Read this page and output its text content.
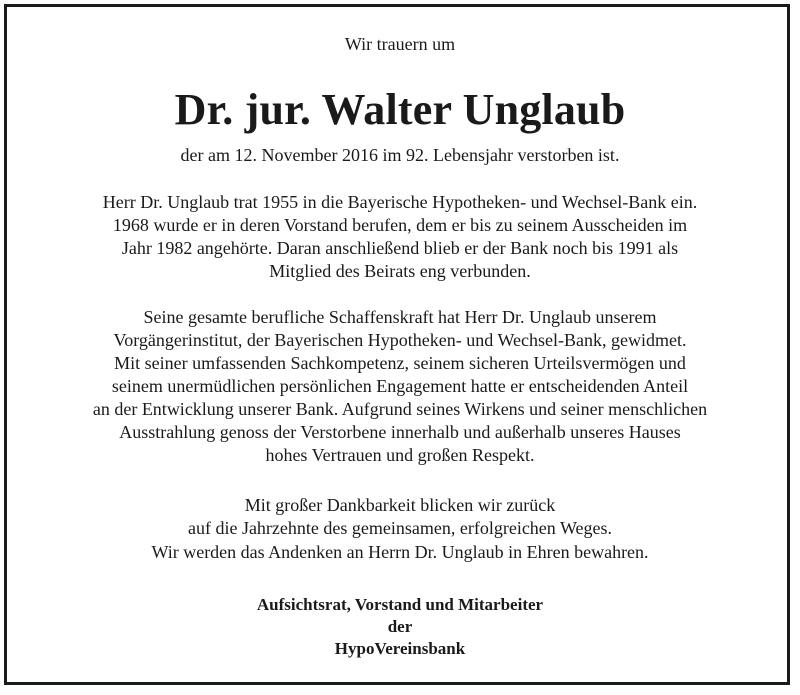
Wir trauern um
Dr. jur. Walter Unglaub
der am 12. November 2016 im 92. Lebensjahr verstorben ist.
Herr Dr. Unglaub trat 1955 in die Bayerische Hypotheken- und Wechsel-Bank ein.
1968 wurde er in deren Vorstand berufen, dem er bis zu seinem Ausscheiden im
Jahr 1982 angehörte. Daran anschließend blieb er der Bank noch bis 1991 als
Mitglied des Beirats eng verbunden.
Seine gesamte berufliche Schaffenskraft hat Herr Dr. Unglaub unserem
Vorgängerinstitut, der Bayerischen Hypotheken- und Wechsel-Bank, gewidmet.
Mit seiner umfassenden Sachkompetenz, seinem sicheren Urteilsvermögen und
seinem unermüdlichen persönlichen Engagement hatte er entscheidenden Anteil
an der Entwicklung unserer Bank. Aufgrund seines Wirkens und seiner menschlichen
Ausstrahlung genoss der Verstorbene innerhalb und außerhalb unseres Hauses
hohes Vertrauen und großen Respekt.
Mit großer Dankbarkeit blicken wir zurück
auf die Jahrzehnte des gemeinsamen, erfolgreichen Weges.
Wir werden das Andenken an Herrn Dr. Unglaub in Ehren bewahren.
Aufsichtsrat, Vorstand und Mitarbeiter
der
HypoVereinsbank
